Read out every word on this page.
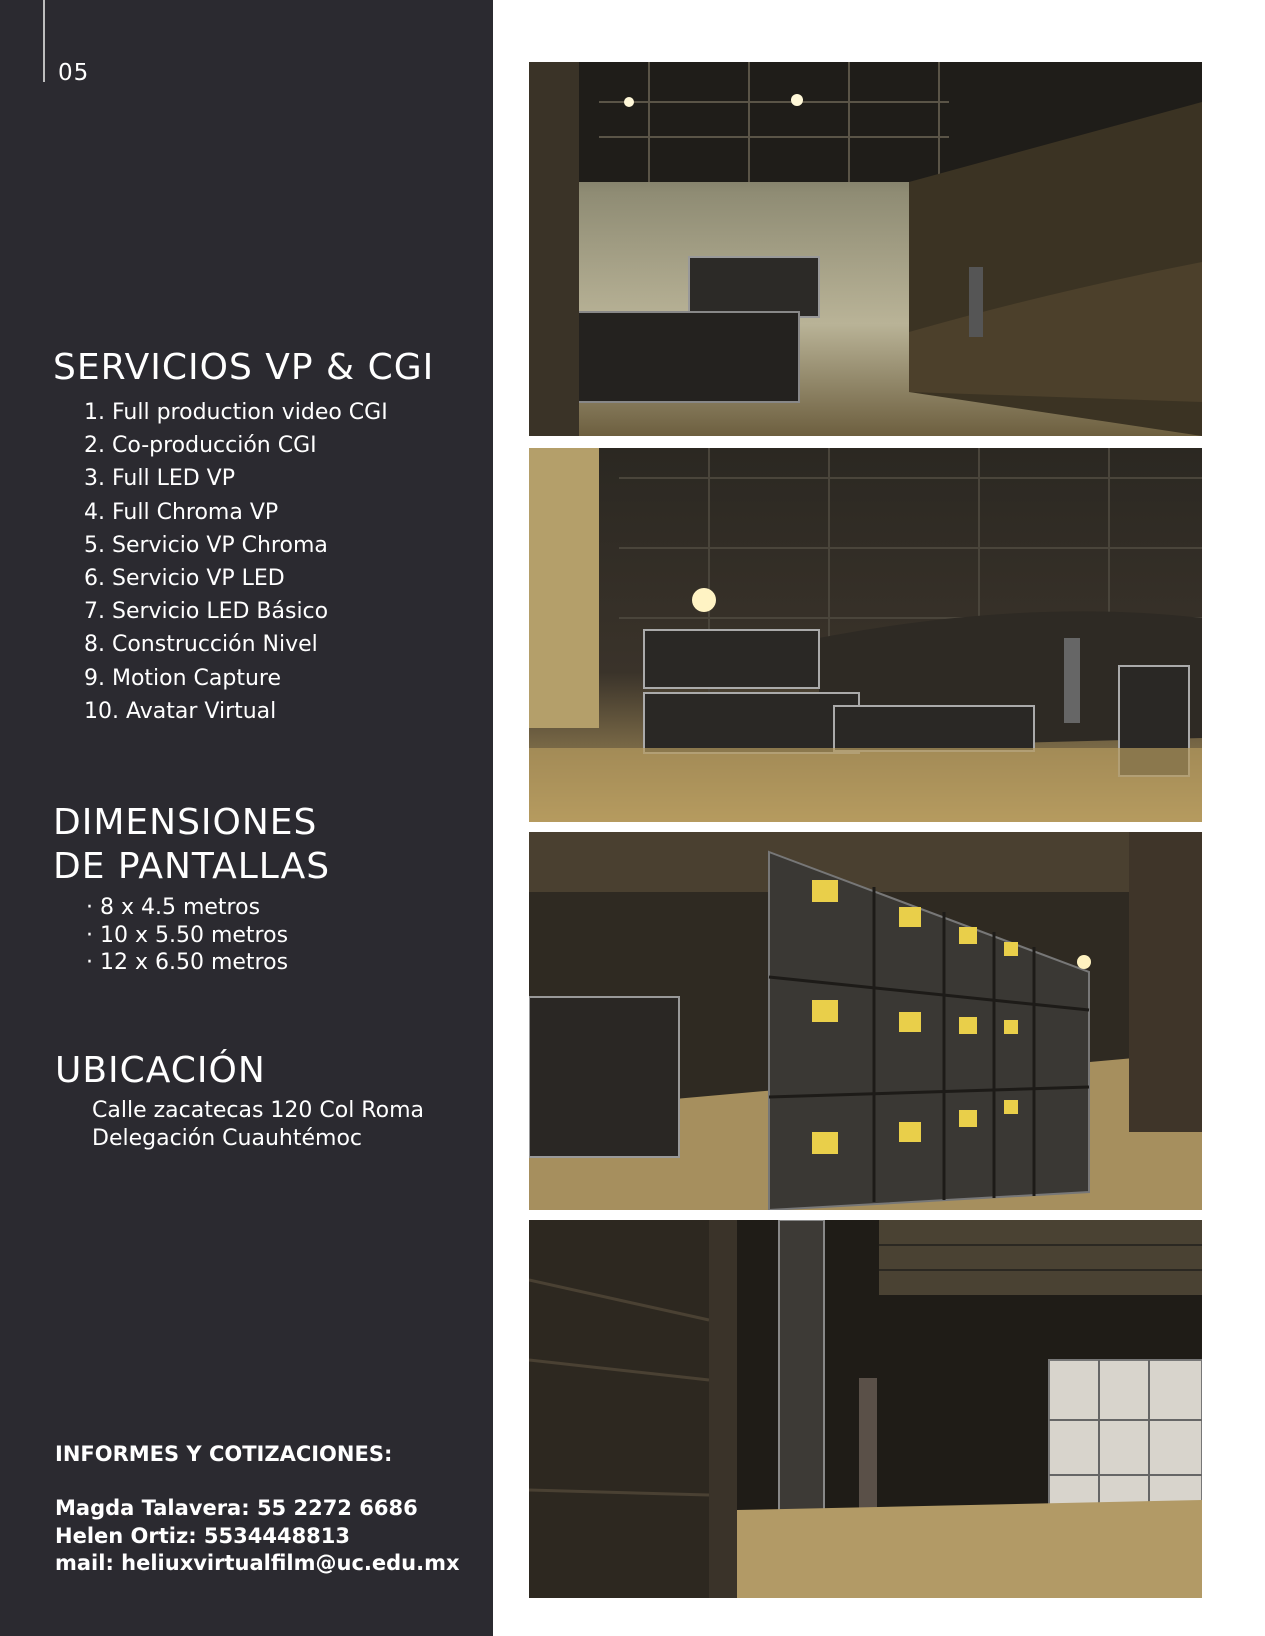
05
SERVICIOS VP & CGI
1. Full production video CGI
2. Co-producción CGI
3. Full LED VP
4. Full Chroma VP
5. Servicio VP Chroma
6. Servicio VP LED
7. Servicio LED Básico
8. Construcción Nivel
9. Motion Capture
10. Avatar Virtual
DIMENSIONES
DE PANTALLAS
· 8 x 4.5 metros
· 10 x 5.50 metros
· 12 x 6.50 metros
UBICACIÓN
Calle zacatecas 120 Col Roma
Delegación Cuauhtémoc
INFORMES Y COTIZACIONES:
Magda Talavera: 55 2272 6686
Helen Ortiz: 5534448813
mail: heliuxvirtualfilm@uc.edu.mx
